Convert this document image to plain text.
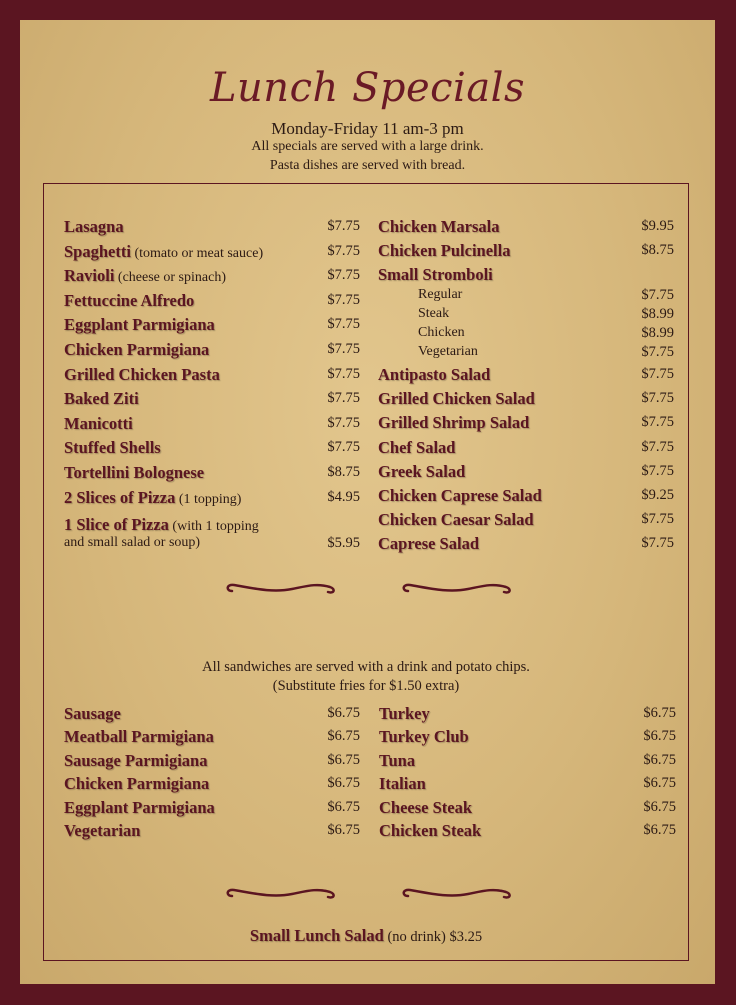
Lunch Specials
Monday-Friday 11 am-3 pm
All specials are served with a large drink.
Pasta dishes are served with bread.
Lasagna	$7.75
Spaghetti (tomato or meat sauce)	$7.75
Ravioli (cheese or spinach)	$7.75
Fettuccine Alfredo	$7.75
Eggplant Parmigiana	$7.75
Chicken Parmigiana	$7.75
Grilled Chicken Pasta	$7.75
Baked Ziti	$7.75
Manicotti	$7.75
Stuffed Shells	$7.75
Tortellini Bolognese	$8.75
2 Slices of Pizza (1 topping)	$4.95
Chicken Marsala	$9.95
Chicken Pulcinella	$8.75
Small Stromboli
Regular	$7.75
Steak	$8.99
Chicken	$8.99
Vegetarian	$7.75
Antipasto Salad	$7.75
Grilled Chicken Salad	$7.75
Grilled Shrimp Salad	$7.75
Chef Salad	$7.75
Greek Salad	$7.75
Chicken Caprese Salad	$9.25
Chicken Caesar Salad	$7.75
Caprese Salad	$7.75
1 Slice of Pizza (with 1 topping
and small salad or soup)	$5.95
All sandwiches are served with a drink and potato chips.
(Substitute fries for $1.50 extra)
Sausage	$6.75
Meatball Parmigiana	$6.75
Sausage Parmigiana	$6.75
Chicken Parmigiana	$6.75
Eggplant Parmigiana	$6.75
Vegetarian	$6.75
Turkey	$6.75
Turkey Club	$6.75
Tuna	$6.75
Italian	$6.75
Cheese Steak	$6.75
Chicken Steak	$6.75
Small Lunch Salad (no drink) $3.25
